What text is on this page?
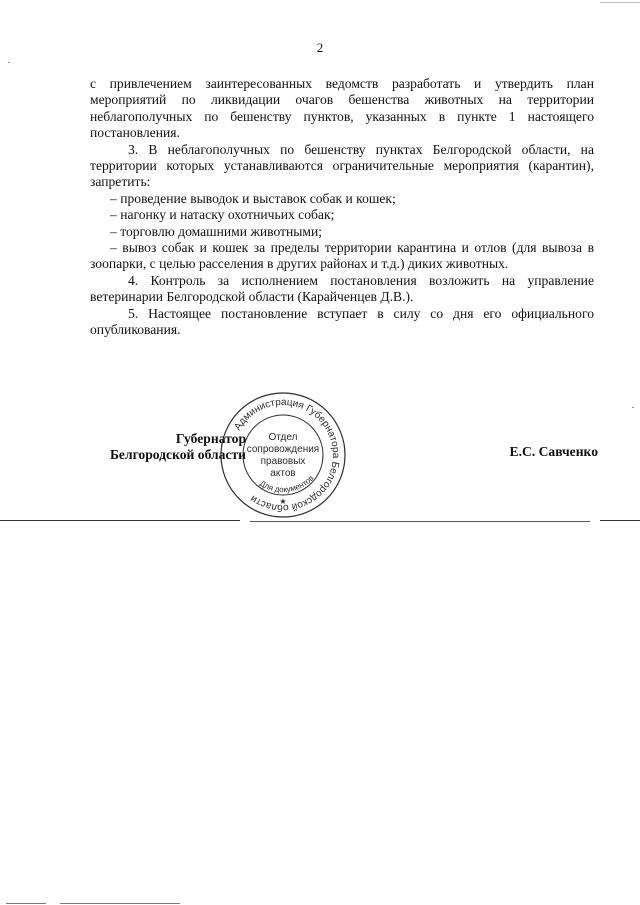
2

с привлечением заинтересованных ведомств разработать и утвердить план мероприятий по ликвидации очагов бешенства животных на территории неблагополучных по бешенству пунктов, указанных в пункте 1 настоящего постановления.

3. В неблагополучных по бешенству пунктах Белгородской области, на территории которых устанавливаются ограничительные мероприятия (карантин), запретить:

– проведение выводок и выставок собак и кошек;
– нагонку и натаску охотничьих собак;
– торговлю домашними животными;

– вывоз собак и кошек за пределы территории карантина и отлов (для вывоза в зоопарки, с целью расселения в других районах и т.д.) диких животных.

4. Контроль за исполнением постановления возложить на управление ветеринарии Белгородской области (Карайченцев Д.В.).

5. Настоящее постановление вступает в силу со дня его официального опубликования.

Губернатор
Белгородской области
Администрация Губернатора Белгородской области
Для документов
Отдел
сопровождения
правовых
актов
★
Е.С. Савченко
